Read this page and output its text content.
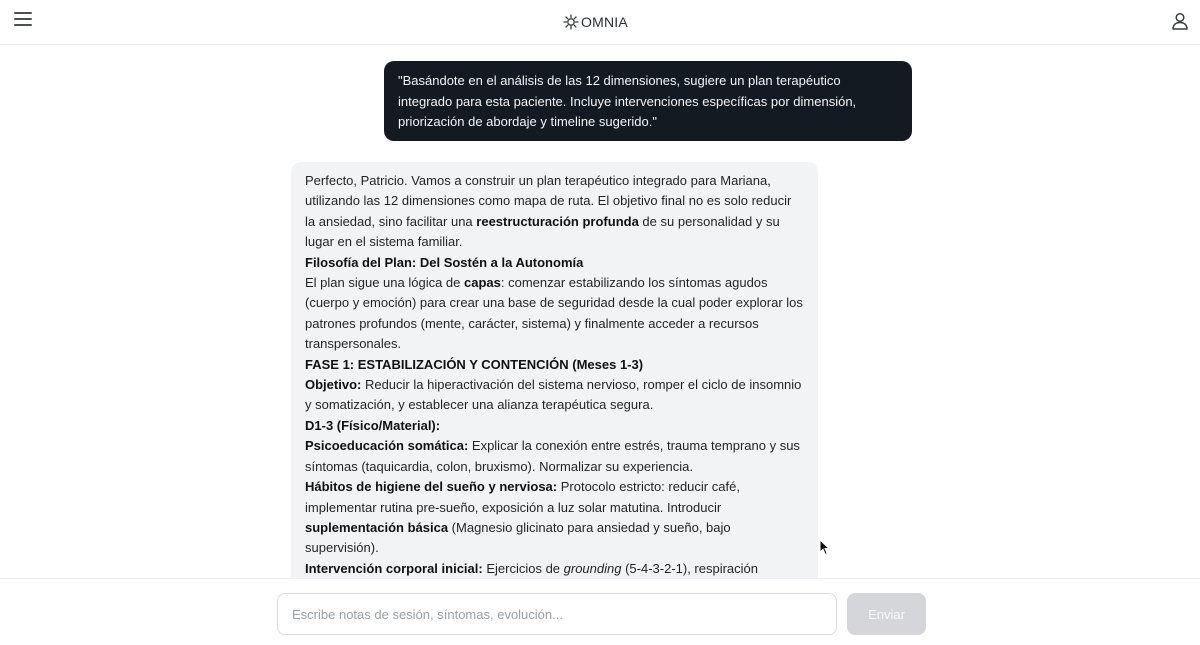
OMNIA
"Basándote en el análisis de las 12 dimensiones, sugiere un plan terapéutico integrado para esta paciente. Incluye intervenciones específicas por dimensión, priorización de abordaje y timeline sugerido."

Perfecto, Patricio. Vamos a construir un plan terapéutico integrado para Mariana, utilizando las 12 dimensiones como mapa de ruta. El objetivo final no es solo reducir la ansiedad, sino facilitar una reestructuración profunda de su personalidad y su lugar en el sistema familiar.

Filosofía del Plan: Del Sostén a la Autonomía

El plan sigue una lógica de capas: comenzar estabilizando los síntomas agudos (cuerpo y emoción) para crear una base de seguridad desde la cual poder explorar los patrones profundos (mente, carácter, sistema) y finalmente acceder a recursos transpersonales.

FASE 1: ESTABILIZACIÓN Y CONTENCIÓN (Meses 1-3)

Objetivo: Reducir la hiperactivación del sistema nervioso, romper el ciclo de insomnio y somatización, y establecer una alianza terapéutica segura.

D1-3 (Físico/Material):

Psicoeducación somática: Explicar la conexión entre estrés, trauma temprano y sus síntomas (taquicardia, colon, bruxismo). Normalizar su experiencia.

Hábitos de higiene del sueño y nerviosa: Protocolo estricto: reducir café, implementar rutina pre-sueño, exposición a luz solar matutina. Introducir suplementación básica (Magnesio glicinato para ansiedad y sueño, bajo supervisión).

Intervención corporal inicial: Ejercicios de grounding (5-4-3-2-1), respiración

Escribe notas de sesión, síntomas, evolución...
Enviar
